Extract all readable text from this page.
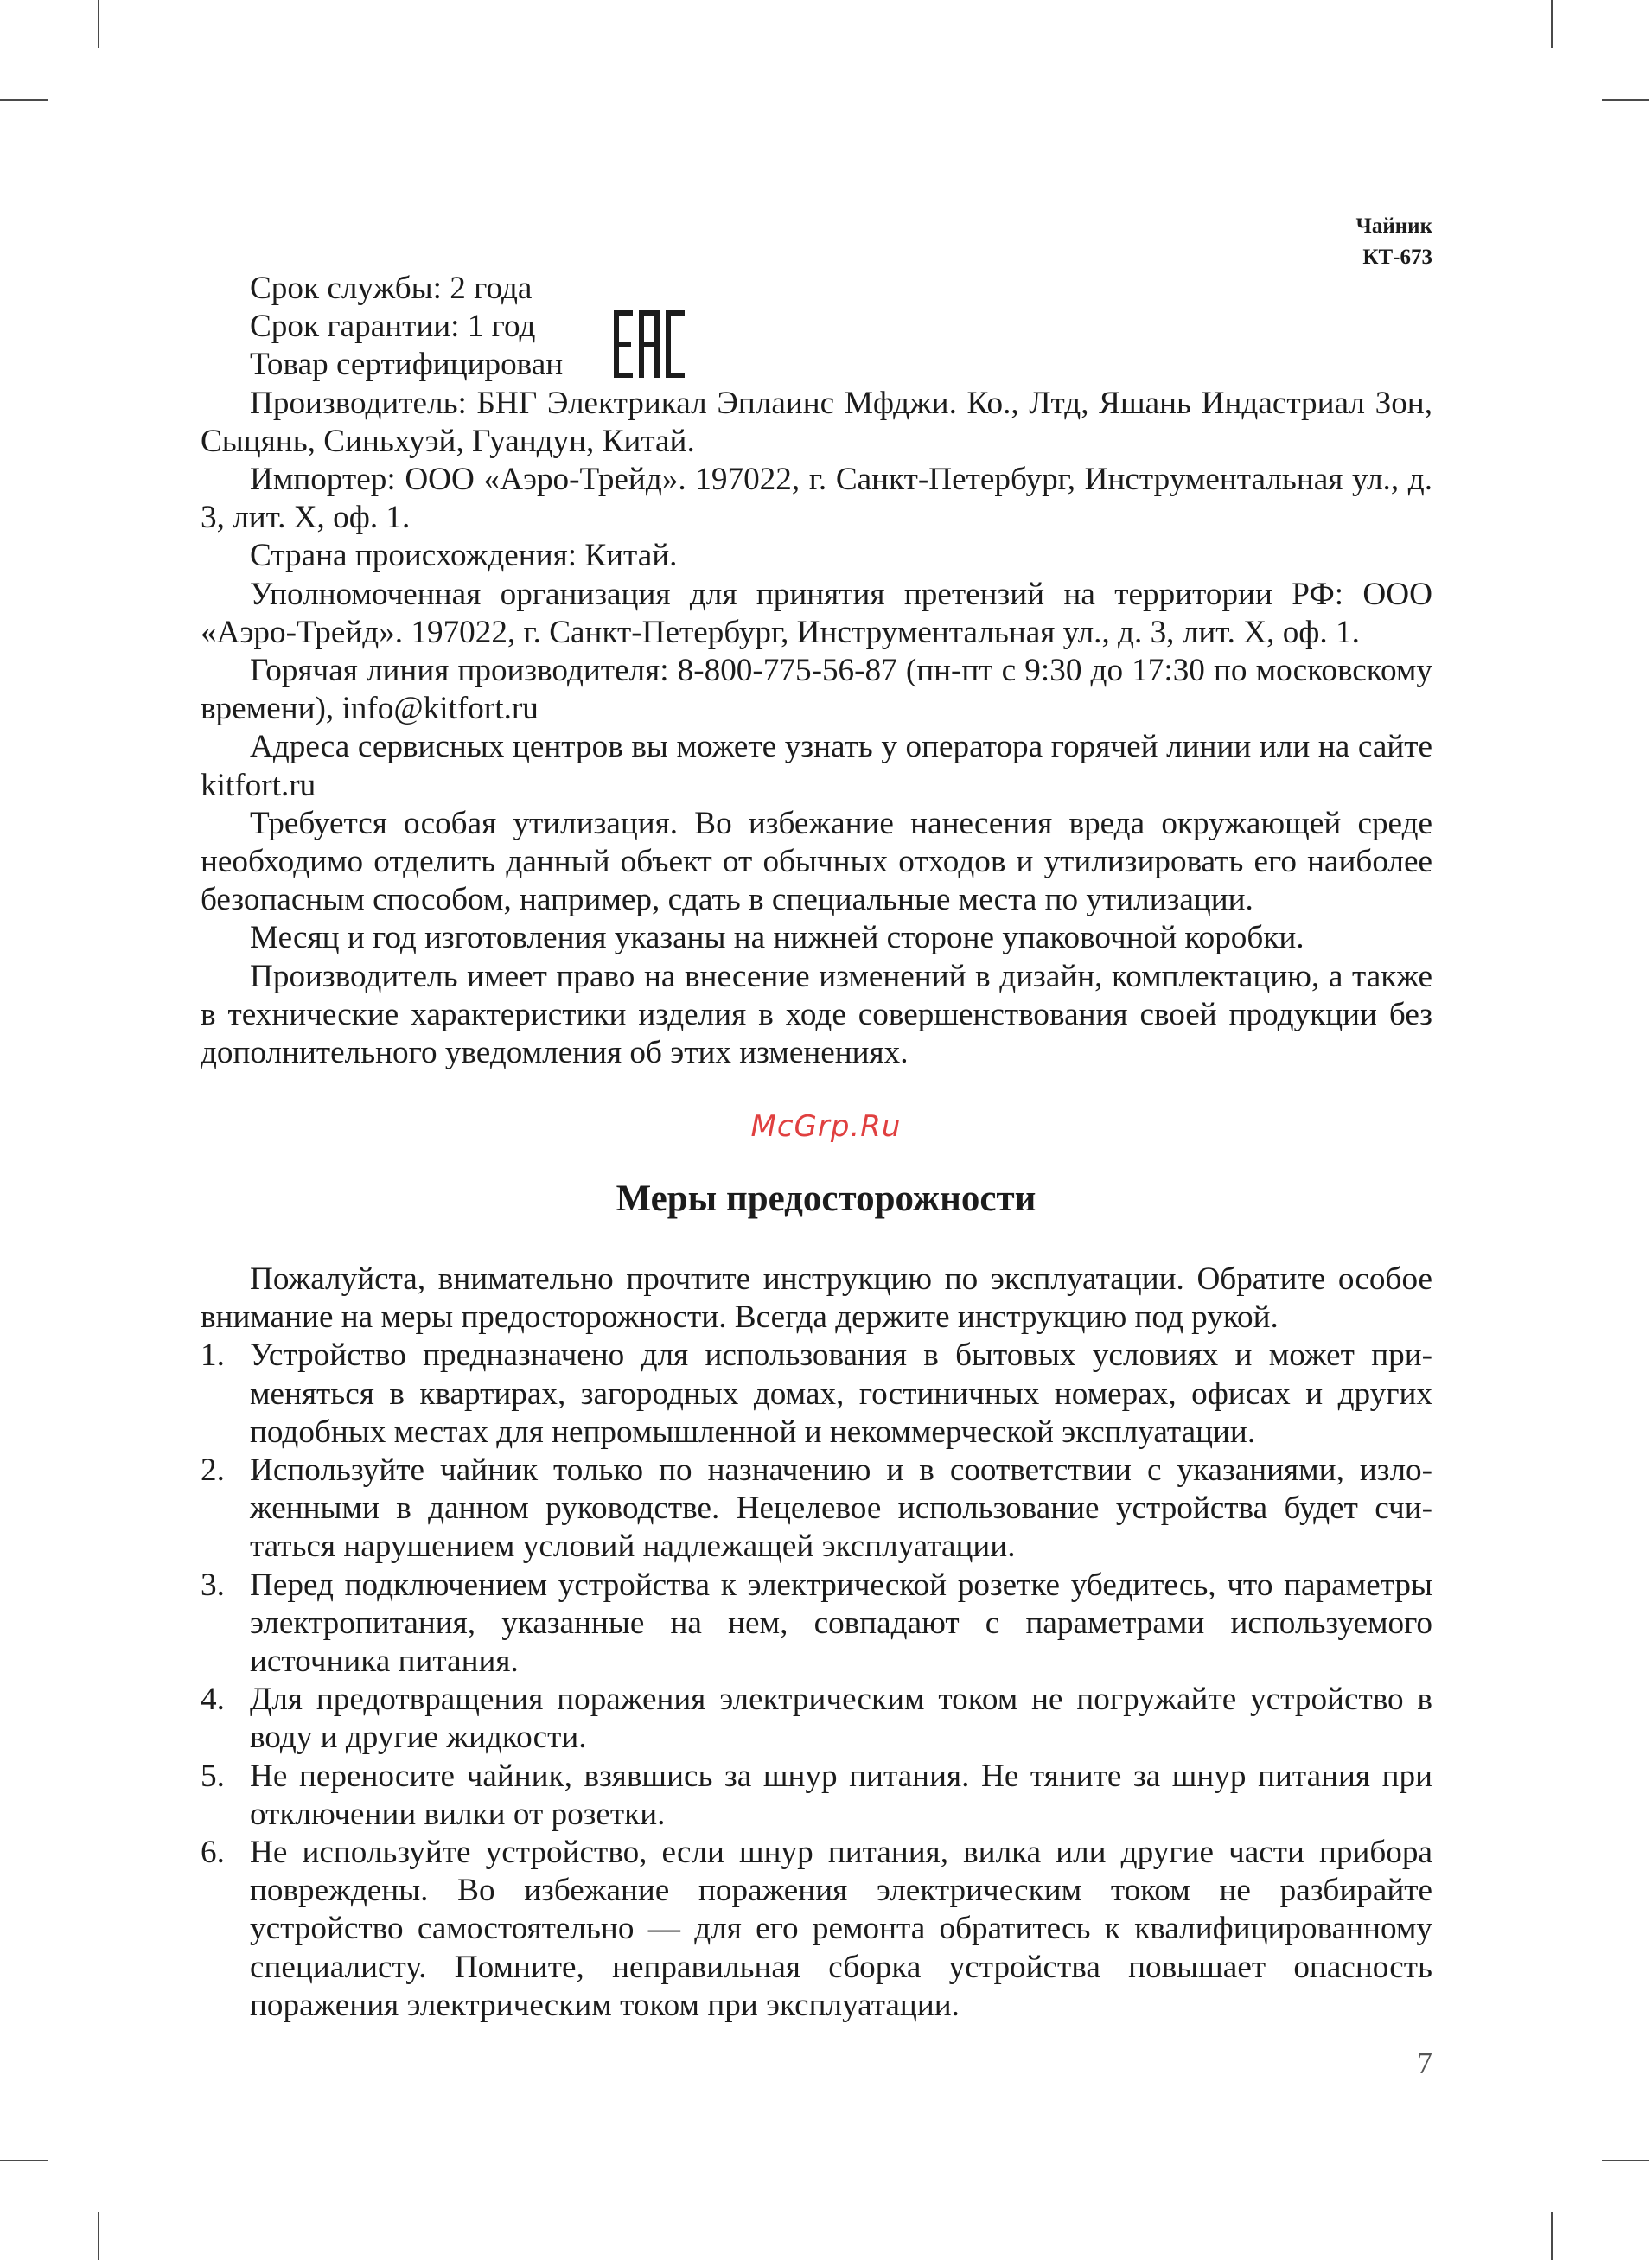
Чайник
КТ-673

Срок службы: 2 года

Срок гарантии: 1 год

Товар сертифицирован

Производитель: БНГ Электрикал Эплаинс Мфджи. Ко., Лтд, Яшань Индастриал Зон, Сыцянь, Синьхуэй, Гуандун, Китай.

Импортер: ООО «Аэро-Трейд». 197022, г. Санкт-Петербург, Инструментальная ул., д. 3, лит. Х, оф. 1.

Страна происхождения: Китай.

Уполномоченная организация для принятия претензий на территории РФ: ООО «Аэро-Трейд». 197022, г. Санкт-Петербург, Инструментальная ул., д. 3, лит. Х, оф. 1.

Горячая линия производителя: 8-800-775-56-87 (пн-пт с 9:30 до 17:30 по московскому времени), info@kitfort.ru

Адреса сервисных центров вы можете узнать у оператора горячей линии или на сайте kitfort.ru

Требуется особая утилизация. Во избежание нанесения вреда окружающей среде необходимо отделить данный объект от обычных отходов и утилизировать его наиболее безопасным способом, например, сдать в специальные места по утилизации.

Месяц и год изготовления указаны на нижней стороне упаковочной коробки.

Производитель имеет право на внесение изменений в дизайн, комплектацию, а также в технические характеристики изделия в ходе совершенствования своей продукции без дополнительного уведомления об этих изменениях.

McGrp.Ru
Меры предосторожности

Пожалуйста, внимательно прочтите инструкцию по эксплуатации. Обратите особое внимание на меры предосторожности. Всегда держите инструкцию под рукой.

1. Устройство предназначено для использования в бытовых условиях и может применяться в квартирах, загородных домах, гостиничных номерах, офисах и других подобных местах для непромышленной и некоммерческой эксплуатации.
2. Используйте чайник только по назначению и в соответствии с указаниями, изложенными в данном руководстве. Нецелевое использование устройства будет считаться нарушением условий надлежащей эксплуатации.
3. Перед подключением устройства к электрической розетке убедитесь, что параметры электропитания, указанные на нем, совпадают с параметрами используемого источника питания.
4. Для предотвращения поражения электрическим током не погружайте устройство в воду и другие жидкости.
5. Не переносите чайник, взявшись за шнур питания. Не тяните за шнур питания при отключении вилки от розетки.
6. Не используйте устройство, если шнур питания, вилка или другие части прибора повреждены. Во избежание поражения электрическим током не разбирайте устройство самостоятельно — для его ремонта обратитесь к квалифицированному специалисту. Помните, неправильная сборка устройства повышает опасность поражения электрическим током при эксплуатации.
7
